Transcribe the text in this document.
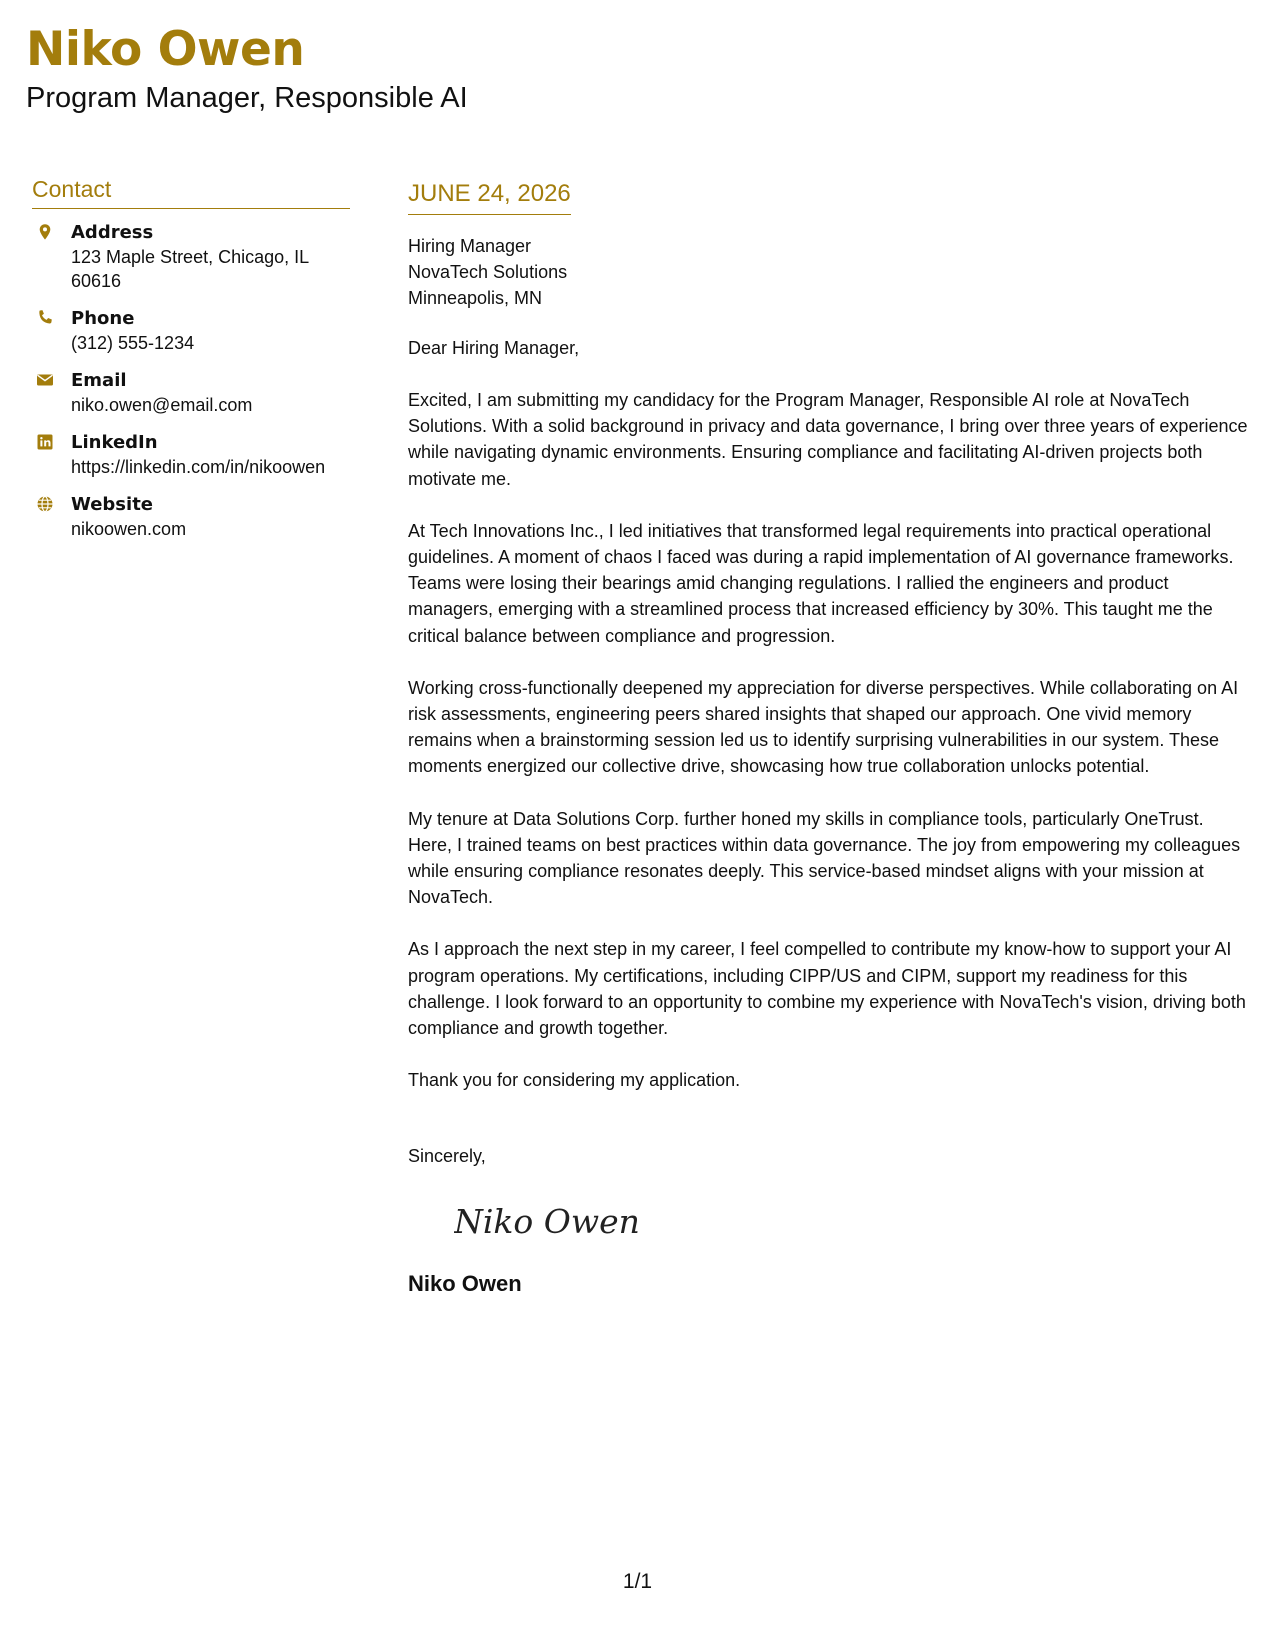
Niko Owen
Program Manager, Responsible AI
Contact
Address
123 Maple Street, Chicago, IL 60616
Phone
(312) 555-1234
Email
niko.owen@email.com
LinkedIn
https://linkedin.com/in/nikoowen
Website
nikoowen.com
JUNE 24, 2026
Hiring Manager
NovaTech Solutions
Minneapolis, MN
Dear Hiring Manager,
Excited, I am submitting my candidacy for the Program Manager, Responsible AI role at NovaTech Solutions. With a solid background in privacy and data governance, I bring over three years of experience while navigating dynamic environments. Ensuring compliance and facilitating AI-driven projects both motivate me.
At Tech Innovations Inc., I led initiatives that transformed legal requirements into practical operational guidelines. A moment of chaos I faced was during a rapid implementation of AI governance frameworks. Teams were losing their bearings amid changing regulations. I rallied the engineers and product managers, emerging with a streamlined process that increased efficiency by 30%. This taught me the critical balance between compliance and progression.
Working cross-functionally deepened my appreciation for diverse perspectives. While collaborating on AI risk assessments, engineering peers shared insights that shaped our approach. One vivid memory remains when a brainstorming session led us to identify surprising vulnerabilities in our system. These moments energized our collective drive, showcasing how true collaboration unlocks potential.
My tenure at Data Solutions Corp. further honed my skills in compliance tools, particularly OneTrust. Here, I trained teams on best practices within data governance. The joy from empowering my colleagues while ensuring compliance resonates deeply. This service-based mindset aligns with your mission at NovaTech.
As I approach the next step in my career, I feel compelled to contribute my know-how to support your AI program operations. My certifications, including CIPP/US and CIPM, support my readiness for this challenge. I look forward to an opportunity to combine my experience with NovaTech's vision, driving both compliance and growth together.
Thank you for considering my application.
Sincerely,
Niko Owen
Niko Owen
1/1
